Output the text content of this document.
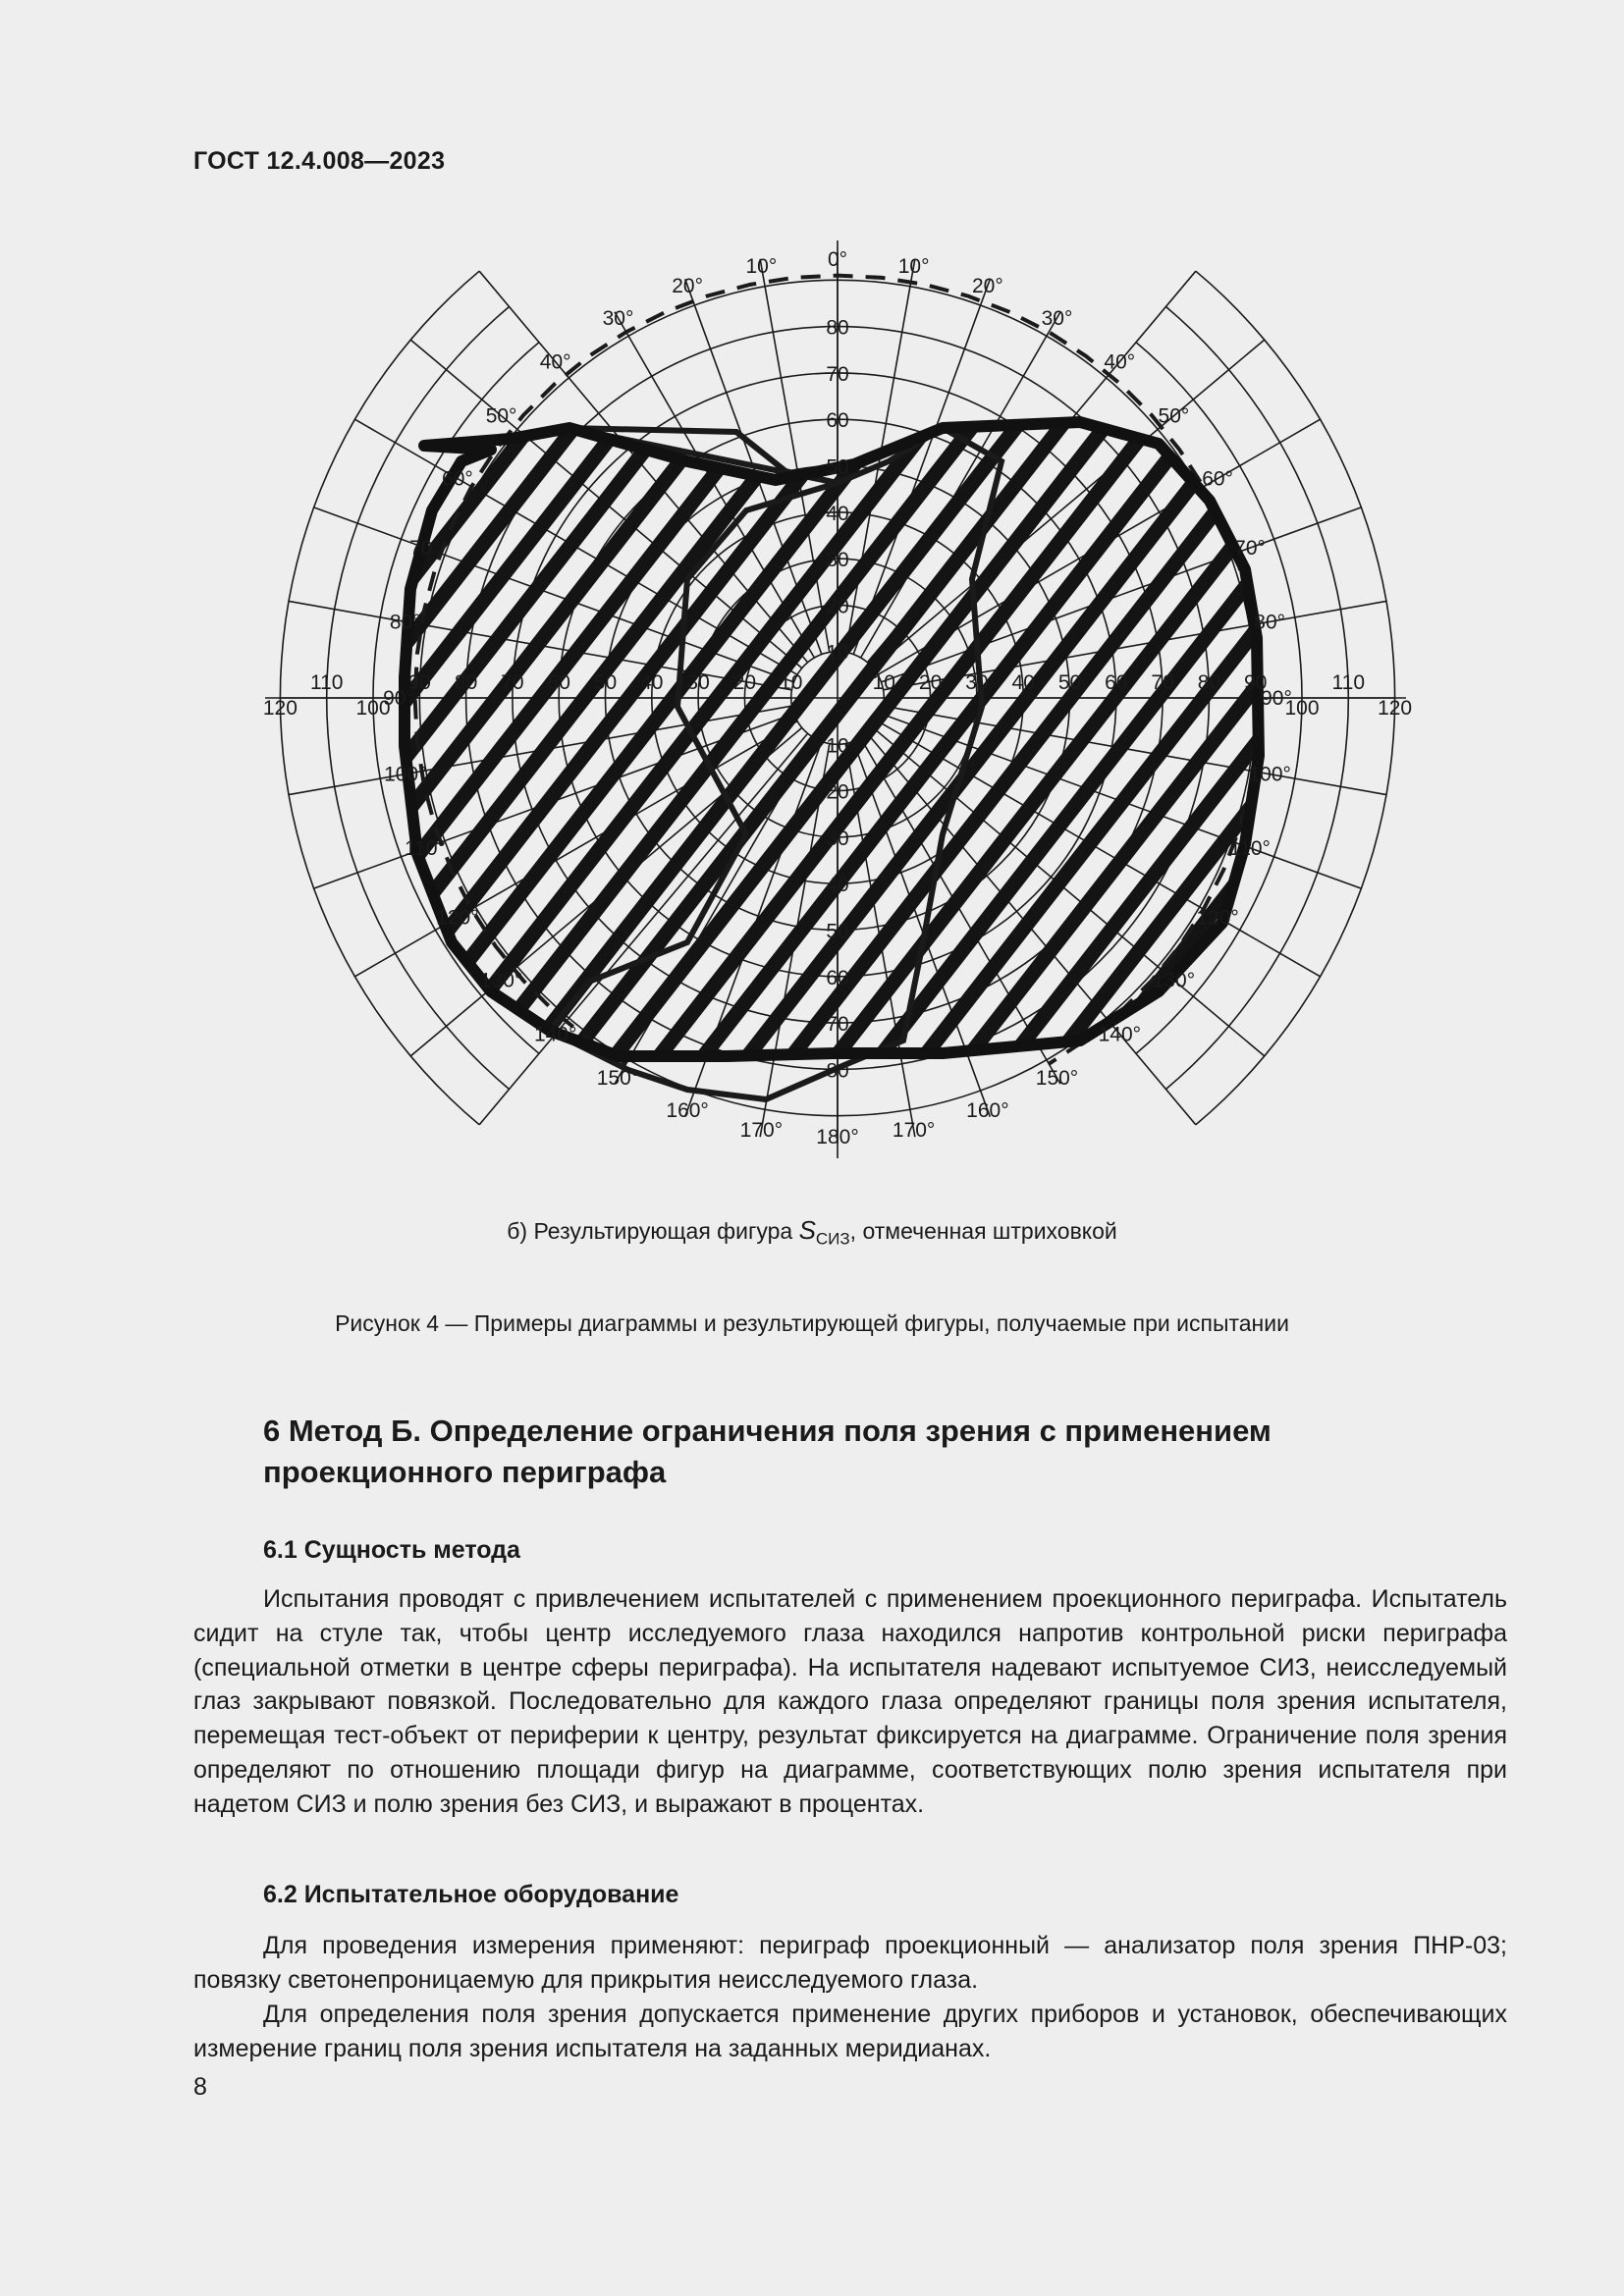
ГОСТ 12.4.008—2023
0° 10°
10°
20°
20°
30°
30°
40°
40°
50°
50°
60°
60°
70°
70°
80°
80°
90°
90°
100°
100°
110°
110°
120°
120°
130°
130°
140°
140°
150°
150°
160°
160°
170°
170° 180°
10
10
20
20
30
30
40
40
50
50
60
60
70
70
80
80
10	10
20	20
30	30
40	40
50	50
60	60
70	70
80	80
90	90
100	100
110	110
120	120
б) Результирующая фигура $S_{СИЗ}$, отмеченная штриховкой
Рисунок 4 — Примеры диаграммы и результирующей фигуры, получаемые при испытании
6 Метод Б. Определение ограничения поля зрения с применением проекционного периграфа
6.1 Сущность метода
Испытания проводят с привлечением испытателей с применением проекционного периграфа. Испытатель сидит на стуле так, чтобы центр исследуемого глаза находился напротив контрольной риски периграфа (специальной отметки в центре сферы периграфа). На испытателя надевают испытуемое СИЗ, неисследуемый глаз закрывают повязкой. Последовательно для каждого глаза определяют границы поля зрения испытателя, перемещая тест-объект от периферии к центру, результат фиксируется на диаграмме. Ограничение поля зрения определяют по отношению площади фигур на диаграмме, соответствующих полю зрения испытателя при надетом СИЗ и полю зрения без СИЗ, и выражают в процентах.
6.2 Испытательное оборудование
Для проведения измерения применяют: периграф проекционный — анализатор поля зрения ПНР-03; повязку светонепроницаемую для прикрытия неисследуемого глаза.
Для определения поля зрения допускается применение других приборов и установок, обеспечивающих измерение границ поля зрения испытателя на заданных меридианах.
8
